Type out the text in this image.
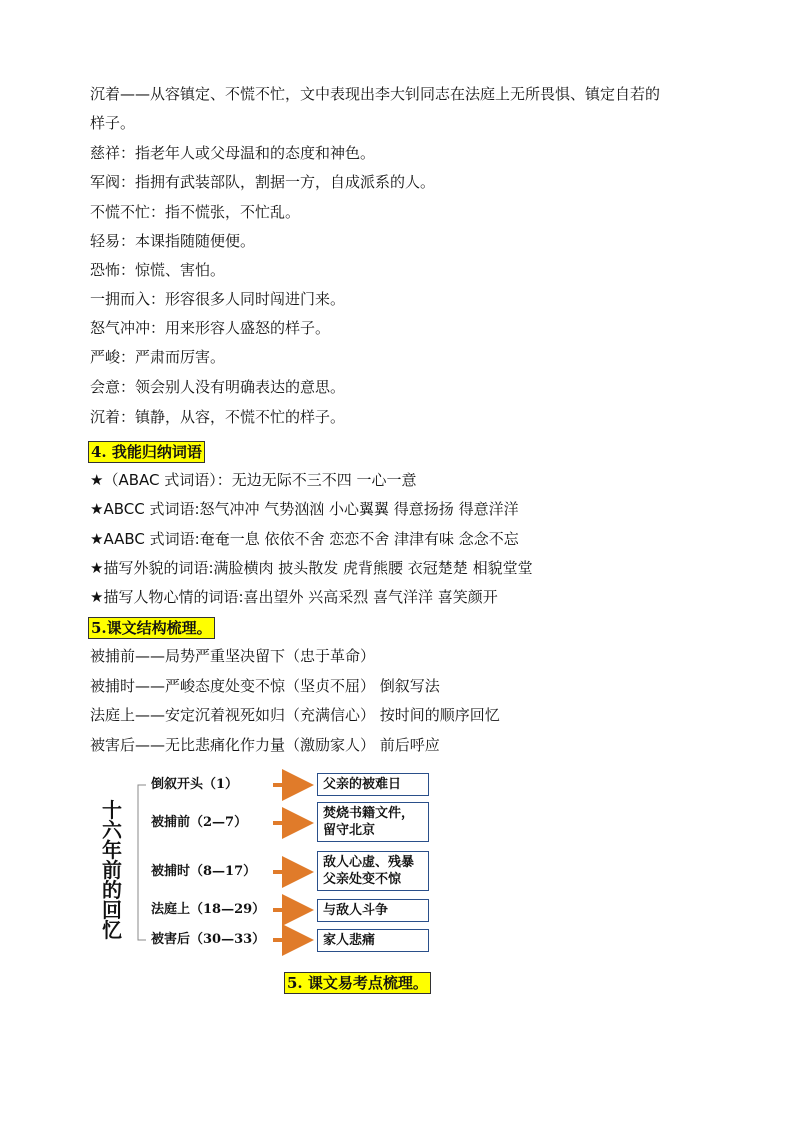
沉着——从容镇定、不慌不忙，文中表现出李大钊同志在法庭上无所畏惧、镇定自若的
样子。
慈祥：指老年人或父母温和的态度和神色。
军阀：指拥有武装部队，割据一方，自成派系的人。
不慌不忙：指不慌张，不忙乱。
轻易：本课指随随便便。
恐怖：惊慌、害怕。
一拥而入：形容很多人同时闯进门来。
怒气冲冲：用来形容人盛怒的样子。
严峻：严肃而厉害。
会意：领会别人没有明确表达的意思。
沉着：镇静，从容，不慌不忙的样子。
4. 我能归纳词语
★（ABAC 式词语）：无边无际不三不四 一心一意
★ABCC 式词语:怒气冲冲 气势汹汹 小心翼翼 得意扬扬 得意洋洋
★AABC 式词语:奄奄一息 依依不舍 恋恋不舍 津津有味 念念不忘
★描写外貌的词语:满脸横肉 披头散发 虎背熊腰 衣冠楚楚 相貌堂堂
★描写人物心情的词语:喜出望外 兴高采烈 喜气洋洋 喜笑颜开
5.课文结构梳理。
被捕前——局势严重坚决留下（忠于革命）
被捕时——严峻态度处变不惊（坚贞不屈） 倒叙写法
法庭上——安定沉着视死如归（充满信心） 按时间的顺序回忆
被害后——无比悲痛化作力量（激励家人） 前后呼应
十
六
年
前
的
回
忆
倒叙开头（1）
被捕前（2—7）
被捕时（8—17）
法庭上（18—29）
被害后（30—33）
父亲的被难日
焚烧书籍文件，
留守北京
敌人心虚、残暴
父亲处变不惊
与敌人斗争
家人悲痛
5. 课文易考点梳理。
